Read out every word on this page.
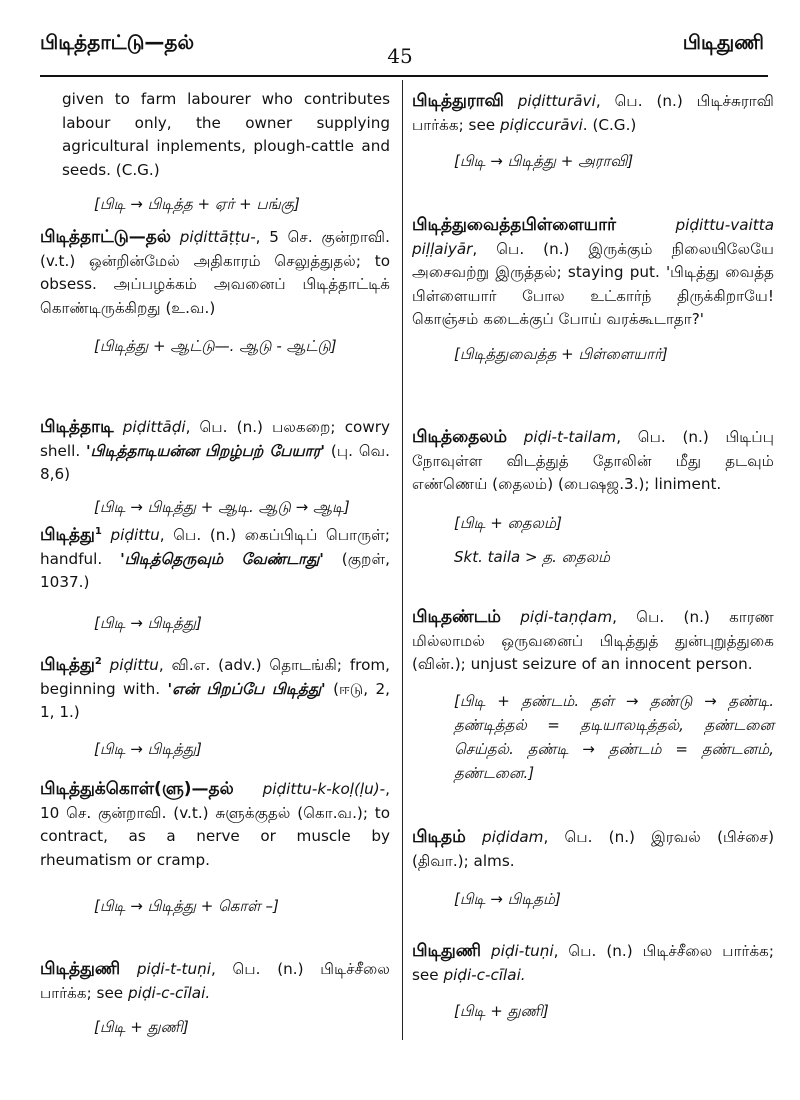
பிடித்தாட்டு—தல்
45
பிடிதுணி

given to farm labourer who contributes labour only, the owner supplying agricultural inplements, plough-cattle and seeds. (C.G.)

[பிடி → பிடித்த + ஏர் + பங்கு]

பிடித்தாட்டு—தல் piḍittāṭṭu-, 5 செ. குன்றாவி. (v.t.) ஒன்றின்மேல் அதிகாரம் செலுத்துதல்; to obsess. அப்பழக்கம் அவனைப் பிடித்தாட்டிக் கொண்டிருக்கிறது (உ.வ.)

[பிடித்து + ஆட்டு—. ஆடு - ஆட்டு]

பிடித்தாடி piḍittāḍi, பெ. (n.) பலகறை; cowry shell. 'பிடித்தாடியன்ன பிறழ்பற் பேயார' (பு. வெ. 8,6)

[பிடி → பிடித்து + ஆடி. ஆடு → ஆடி]

பிடித்து$^1$ piḍittu, பெ. (n.) கைப்பிடிப் பொருள்; handful. 'பிடித்தெருவும் வேண்டாது' (குறள், 1037.)

[பிடி → பிடித்து]

பிடித்து$^2$ piḍittu, வி.எ. (adv.) தொடங்கி; from, beginning with. 'என் பிறப்பே பிடித்து' (ஈடு, 2, 1, 1.)

[பிடி → பிடித்து]

பிடித்துக்கொள்(ளு)—தல் piḍittu-k-koḷ(ḷu)-, 10 செ. குன்றாவி. (v.t.) சுளுக்குதல் (கொ.வ.); to contract, as a nerve or muscle by rheumatism or cramp.

[பிடி → பிடித்து + கொள் –]

பிடித்துணி piḍi-t-tuṇi, பெ. (n.) பிடிச்சீலை பார்க்க; see piḍi-c-cīlai.

[பிடி + துணி]

பிடித்துராவி piḍitturāvi, பெ. (n.) பிடிச்சுராவி பார்க்க; see piḍiccurāvi. (C.G.)

[பிடி → பிடித்து + அராவி]

பிடித்துவைத்தபிள்ளையார்	piḍittu-vaitta piḷḷaiyār, பெ. (n.) இருக்கும் நிலையிலேயே அசைவற்று இருத்தல்; staying put. 'பிடித்து வைத்த பிள்ளையார் போல உட்கார்ந் திருக்கிறாயே! கொஞ்சம் கடைக்குப் போய் வரக்கூடாதா?'

[பிடித்துவைத்த + பிள்ளையார்]

பிடித்தைலம் piḍi-t-tailam, பெ. (n.) பிடிப்பு நோவுள்ள விடத்துத் தோலின் மீது தடவும் எண்ணெய் (தைலம்) (பைஷஜ.3.); liniment.

[பிடி + தைலம்]

Skt. taila > த. தைலம்

பிடிதண்டம் piḍi-taṇḍam, பெ. (n.) காரண மில்லாமல் ஒருவனைப் பிடித்துத் துன்புறுத்துகை (வின்.); unjust seizure of an innocent person.

[பிடி + தண்டம். தள் → தண்டு → தண்டி. தண்டித்தல் = தடியாலடித்தல், தண்டனை செய்தல். தண்டி → தண்டம் = தண்டனம், தண்டனை.]

பிடிதம் piḍidam, பெ. (n.) இரவல் (பிச்சை) (திவா.); alms.

[பிடி → பிடிதம்]

பிடிதுணி piḍi-tuṇi, பெ. (n.) பிடிச்சீலை பார்க்க; see piḍi-c-cīlai.

[பிடி + துணி]
